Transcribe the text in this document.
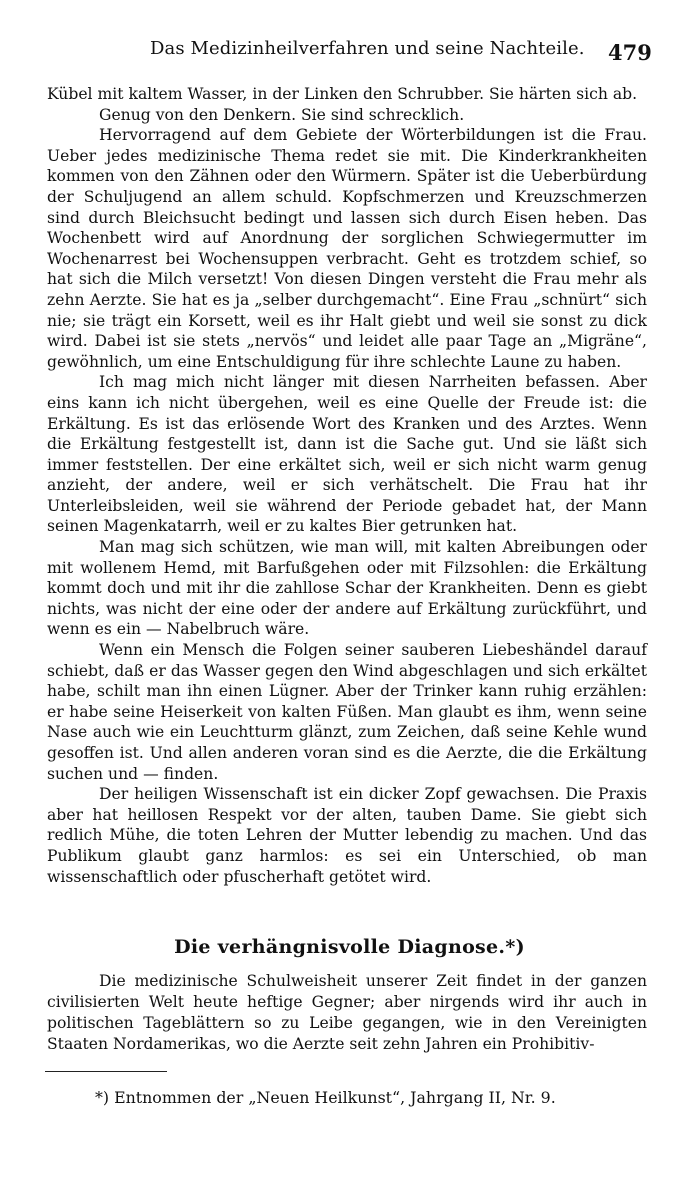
Das Medizinheilverfahren und seine Nachteile. 479

Kübel mit kaltem Wasser, in der Linken den Schrubber. Sie härten sich ab.

Genug von den Denkern. Sie sind schrecklich.

Hervorragend auf dem Gebiete der Wörterbildungen ist die Frau. Ueber jedes medizinische Thema redet sie mit. Die Kinderkrankheiten kommen von den Zähnen oder den Würmern. Später ist die Ueberbürdung der Schuljugend an allem schuld. Kopfschmerzen und Kreuzschmerzen sind durch Bleichsucht bedingt und lassen sich durch Eisen heben. Das Wochenbett wird auf Anordnung der sorglichen Schwiegermutter im Wochenarrest bei Wochensuppen verbracht. Geht es trotzdem schief, so hat sich die Milch versetzt! Von diesen Dingen versteht die Frau mehr als zehn Aerzte. Sie hat es ja „selber durchgemacht“. Eine Frau „schnürt“ sich nie; sie trägt ein Korsett, weil es ihr Halt giebt und weil sie sonst zu dick wird. Dabei ist sie stets „nervös“ und leidet alle paar Tage an „Migräne“, gewöhnlich, um eine Entschuldigung für ihre schlechte Laune zu haben.

Ich mag mich nicht länger mit diesen Narrheiten befassen. Aber eins kann ich nicht übergehen, weil es eine Quelle der Freude ist: die Erkältung. Es ist das erlösende Wort des Kranken und des Arztes. Wenn die Erkältung festgestellt ist, dann ist die Sache gut. Und sie läßt sich immer feststellen. Der eine erkältet sich, weil er sich nicht warm genug anzieht, der andere, weil er sich verhätschelt. Die Frau hat ihr Unterleibsleiden, weil sie während der Periode gebadet hat, der Mann seinen Magenkatarrh, weil er zu kaltes Bier getrunken hat.

Man mag sich schützen, wie man will, mit kalten Abreibungen oder mit wollenem Hemd, mit Barfußgehen oder mit Filzsohlen: die Erkältung kommt doch und mit ihr die zahllose Schar der Krankheiten. Denn es giebt nichts, was nicht der eine oder der andere auf Erkältung zurückführt, und wenn es ein — Nabelbruch wäre.

Wenn ein Mensch die Folgen seiner sauberen Liebeshändel darauf schiebt, daß er das Wasser gegen den Wind abgeschlagen und sich erkältet habe, schilt man ihn einen Lügner. Aber der Trinker kann ruhig erzählen: er habe seine Heiserkeit von kalten Füßen. Man glaubt es ihm, wenn seine Nase auch wie ein Leuchtturm glänzt, zum Zeichen, daß seine Kehle wund gesoffen ist. Und allen anderen voran sind es die Aerzte, die die Erkältung suchen und — finden.

Der heiligen Wissenschaft ist ein dicker Zopf gewachsen. Die Praxis aber hat heillosen Respekt vor der alten, tauben Dame. Sie giebt sich redlich Mühe, die toten Lehren der Mutter lebendig zu machen. Und das Publikum glaubt ganz harmlos: es sei ein Unterschied, ob man wissenschaftlich oder pfuscherhaft getötet wird.

Die verhängnisvolle Diagnose.*)

Die medizinische Schulweisheit unserer Zeit findet in der ganzen civilisierten Welt heute heftige Gegner; aber nirgends wird ihr auch in politischen Tageblättern so zu Leibe gegangen, wie in den Vereinigten Staaten Nordamerikas, wo die Aerzte seit zehn Jahren ein Prohibitiv-

*) Entnommen der „Neuen Heilkunst“, Jahrgang II, Nr. 9.
